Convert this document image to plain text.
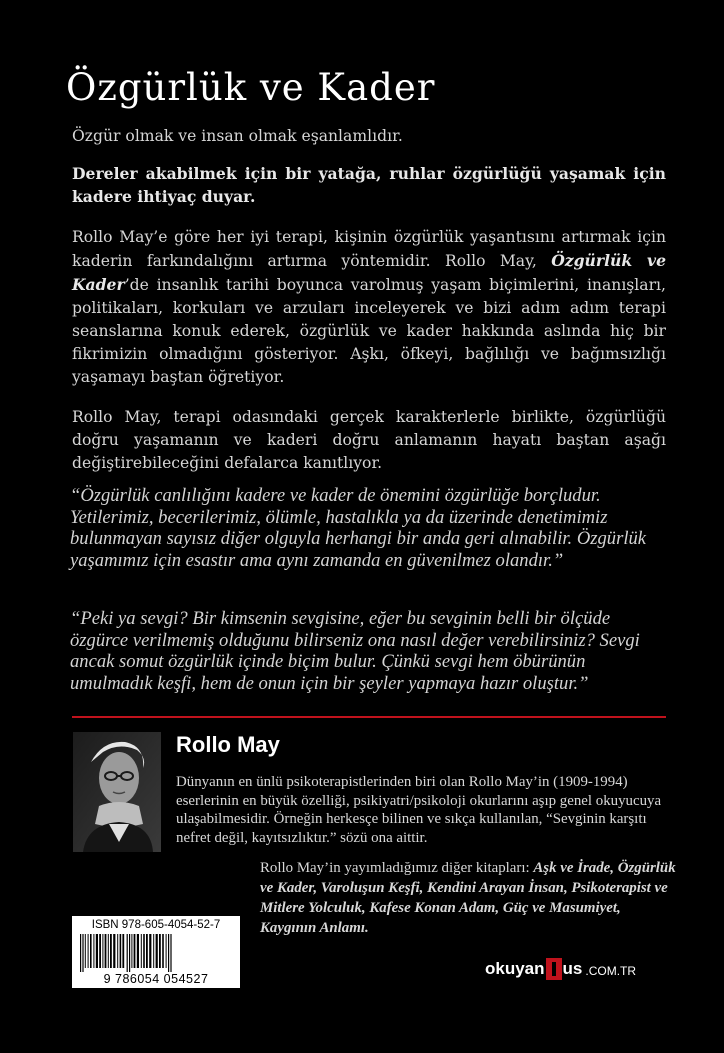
Özgürlük ve Kader

Özgür olmak ve insan olmak eşanlamlıdır.

Dereler akabilmek için bir yatağa, ruhlar özgürlüğü yaşamak için kadere ihtiyaç duyar.

Rollo May’e göre her iyi terapi, kişinin özgürlük yaşantısını artırmak için kaderin farkındalığını artırma yöntemidir. Rollo May, Özgürlük ve Kader’de insanlık tarihi boyunca varolmuş yaşam biçimlerini, inanışları, politikaları, korkuları ve arzuları inceleyerek ve bizi adım adım terapi seanslarına konuk ederek, özgürlük ve kader hakkında aslında hiç bir fikrimizin olmadığını gösteriyor. Aşkı, öfkeyi, bağlılığı ve bağımsızlığı yaşamayı baştan öğretiyor.

Rollo May, terapi odasındaki gerçek karakterlerle birlikte, özgürlüğü doğru yaşamanın ve kaderi doğru anlamanın hayatı baştan aşağı değiştirebileceğini defalarca kanıtlıyor.

“Özgürlük canlılığını kadere ve kader de önemini özgürlüğe borçludur. Yetilerimiz, becerilerimiz, ölümle, hastalıkla ya da üzerinde denetimimiz bulunmayan sayısız diğer olguyla herhangi bir anda geri alınabilir. Özgürlük yaşamımız için esastır ama aynı zamanda en güvenilmez olandır.”

“Peki ya sevgi? Bir kimsenin sevgisine, eğer bu sevginin belli bir ölçüde özgürce verilmemiş olduğunu bilirseniz ona nasıl değer verebilirsiniz? Sevgi ancak somut özgürlük içinde biçim bulur. Çünkü sevgi hem öbürünün umulmadık keşfi, hem de onun için bir şeyler yapmaya hazır oluştur.”

Rollo May

Dünyanın en ünlü psikoterapistlerinden biri olan Rollo May’in (1909-1994) eserlerinin en büyük özelliği, psikiyatri/psikoloji okurlarını aşıp genel okuyucuya ulaşabilmesidir. Örneğin herkesçe bilinen ve sıkça kullanılan, “Sevginin karşıtı nefret değil, kayıtsızlıktır.” sözü ona aittir.

Rollo May’in yayımladığımız diğer kitapları: Aşk ve İrade, Özgürlük ve Kader, Varoluşun Keşfi, Kendini Arayan İnsan, Psikoterapist ve Mitlere Yolculuk, Kafese Konan Adam, Güç ve Masumiyet, Kaygının Anlamı.

ISBN 978-605-4054-52-7
9 786054 054527
okuyan us .COM.TR
